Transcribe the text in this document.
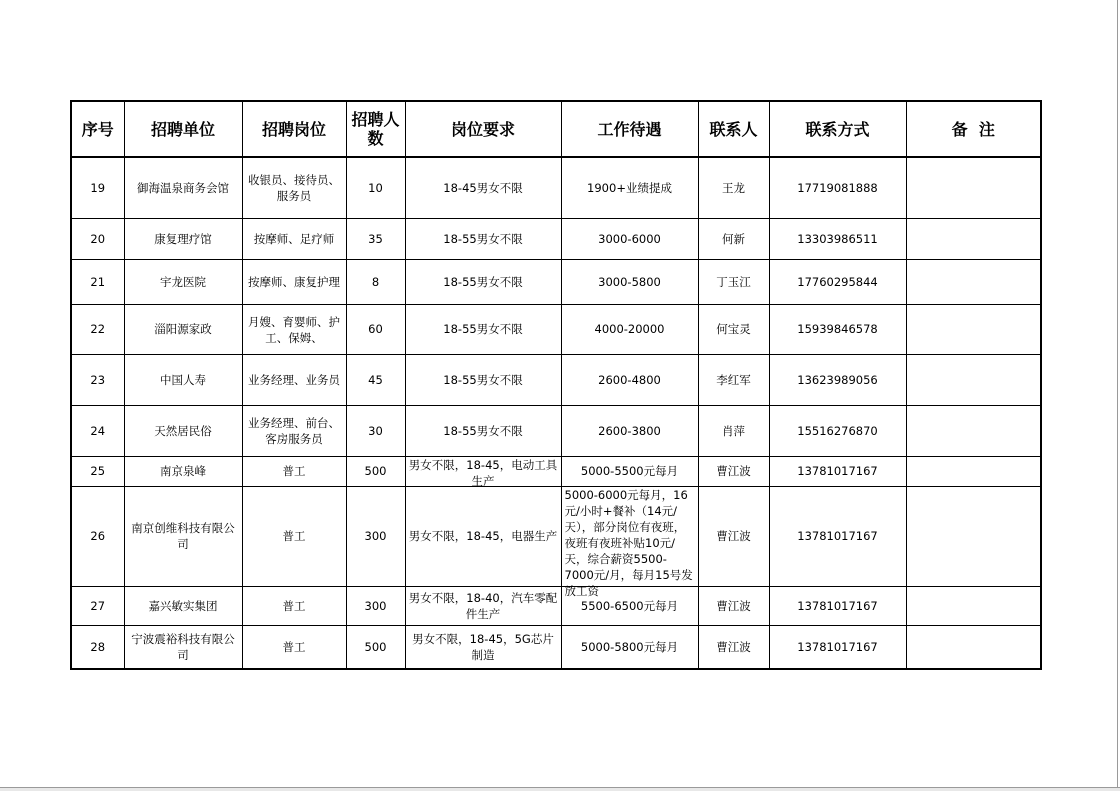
序号	招聘单位	招聘岗位	招聘人数	岗位要求	工作待遇	联系人	联系方式	备  注
19	御海温泉商务会馆	收银员、接待员、服务员	10	18-45男女不限	1900+业绩提成	王龙	17719081888	
20	康复理疗馆	按摩师、足疗师	35	18-55男女不限	3000-6000	何新	13303986511	
21	宇龙医院	按摩师、康复护理	8	18-55男女不限	3000-5800	丁玉江	17760295844	
22	淄阳源家政	月嫂、育婴师、护工、保姆、	60	18-55男女不限	4000-20000	何宝灵	15939846578	
23	中国人寿	业务经理、业务员	45	18-55男女不限	2600-4800	李红军	13623989056	
24	天然居民俗	业务经理、前台、客房服务员	30	18-55男女不限	2600-3800	肖萍	15516276870	
25	南京泉峰	普工	500	男女不限，18-45，电动工具生产	5000-5500元每月	曹江波	13781017167	
26	南京创维科技有限公司	普工	300	男女不限，18-45，电器生产	5000-6000元每月，16元/小时+餐补（14元/天），部分岗位有夜班，夜班有夜班补贴10元/天，综合薪资5500-7000元/月，每月15号发放工资	曹江波	13781017167	
27	嘉兴敏实集团	普工	300	男女不限，18-40，汽车零配件生产	5500-6500元每月	曹江波	13781017167	
28	宁波震裕科技有限公司	普工	500	男女不限，18-45，5G芯片制造	5000-5800元每月	曹江波	13781017167	
